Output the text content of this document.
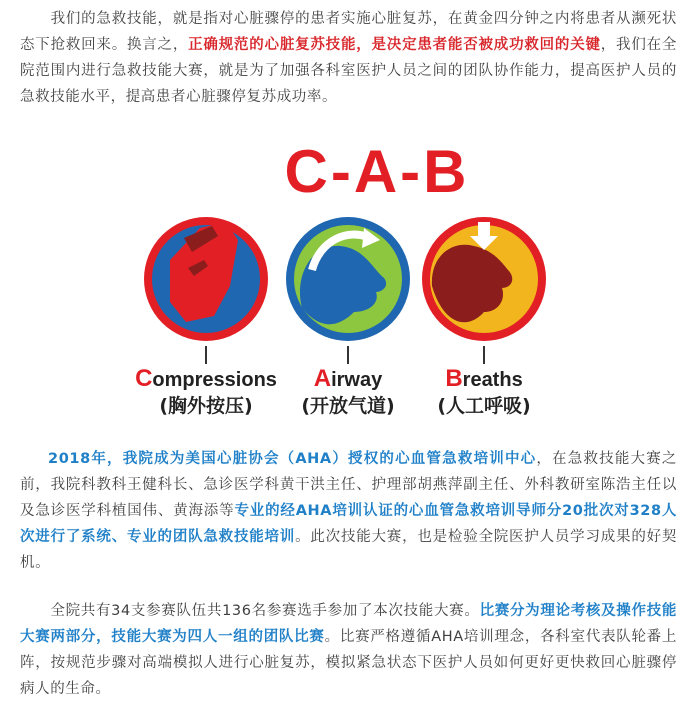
　　我们的急救技能，就是指对心脏骤停的患者实施心脏复苏，在黄金四分钟之内将患者从濒死状态下抢救回来。换言之，正确规范的心脏复苏技能，是决定患者能否被成功救回的关键，我们在全院范围内进行急救技能大赛，就是为了加强各科室医护人员之间的团队协作能力，提高医护人员的急救技能水平，提高患者心脏骤停复苏成功率。

C-A-B
Compressions Airway	Breaths
(胸外按压)	(开放气道) (人工呼吸)

2018年，我院成为美国心脏协会（AHA）授权的心血管急救培训中心，在急救技能大赛之前，我院科教科王健科长、急诊医学科黄干洪主任、护理部胡燕萍副主任、外科教研室陈浩主任以及急诊医学科植国伟、黄海添等专业的经AHA培训认证的心血管急救培训导师分20批次对328人次进行了系统、专业的团队急救技能培训。此次技能大赛，也是检验全院医护人员学习成果的好契机。

　　全院共有34支参赛队伍共136名参赛选手参加了本次技能大赛。比赛分为理论考核及操作技能大赛两部分，技能大赛为四人一组的团队比赛。比赛严格遵循AHA培训理念，各科室代表队轮番上阵，按规范步骤对高端模拟人进行心脏复苏，模拟紧急状态下医护人员如何更好更快救回心脏骤停病人的生命。
